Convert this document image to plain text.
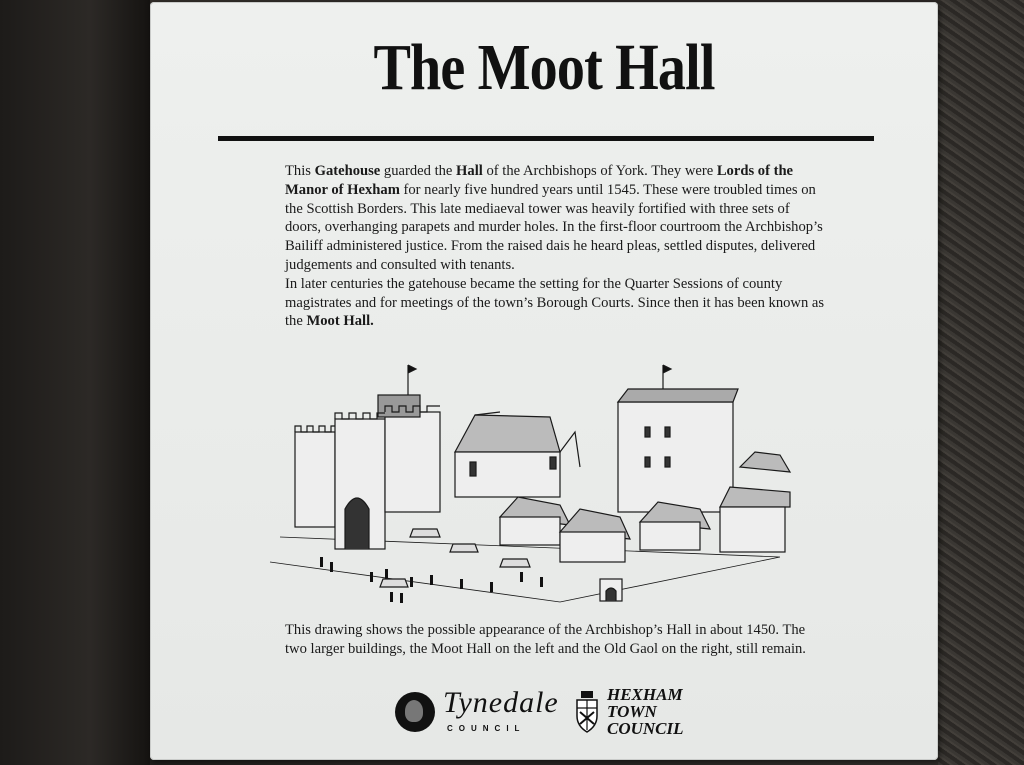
The Moot Hall

This Gatehouse guarded the Hall of the Archbishops of York. They were Lords of the Manor of Hexham for nearly five hundred years until 1545. These were troubled times on the Scottish Borders. This late mediaeval tower was heavily fortified with three sets of doors, overhanging parapets and murder holes. In the first-floor courtroom the Archbishop’s Bailiff administered justice. From the raised dais he heard pleas, settled disputes, delivered judgements and consulted with tenants.

In later centuries the gatehouse became the setting for the Quarter Sessions of county magistrates and for meetings of the town’s Borough Courts. Since then it has been known as the Moot Hall.

This drawing shows the possible appearance of the Archbishop’s Hall in about 1450. The two larger buildings, the Moot Hall on the left and the Old Gaol on the right, still remain.
Tynedale
COUNCIL
HEXHAM
TOWN
COUNCIL
